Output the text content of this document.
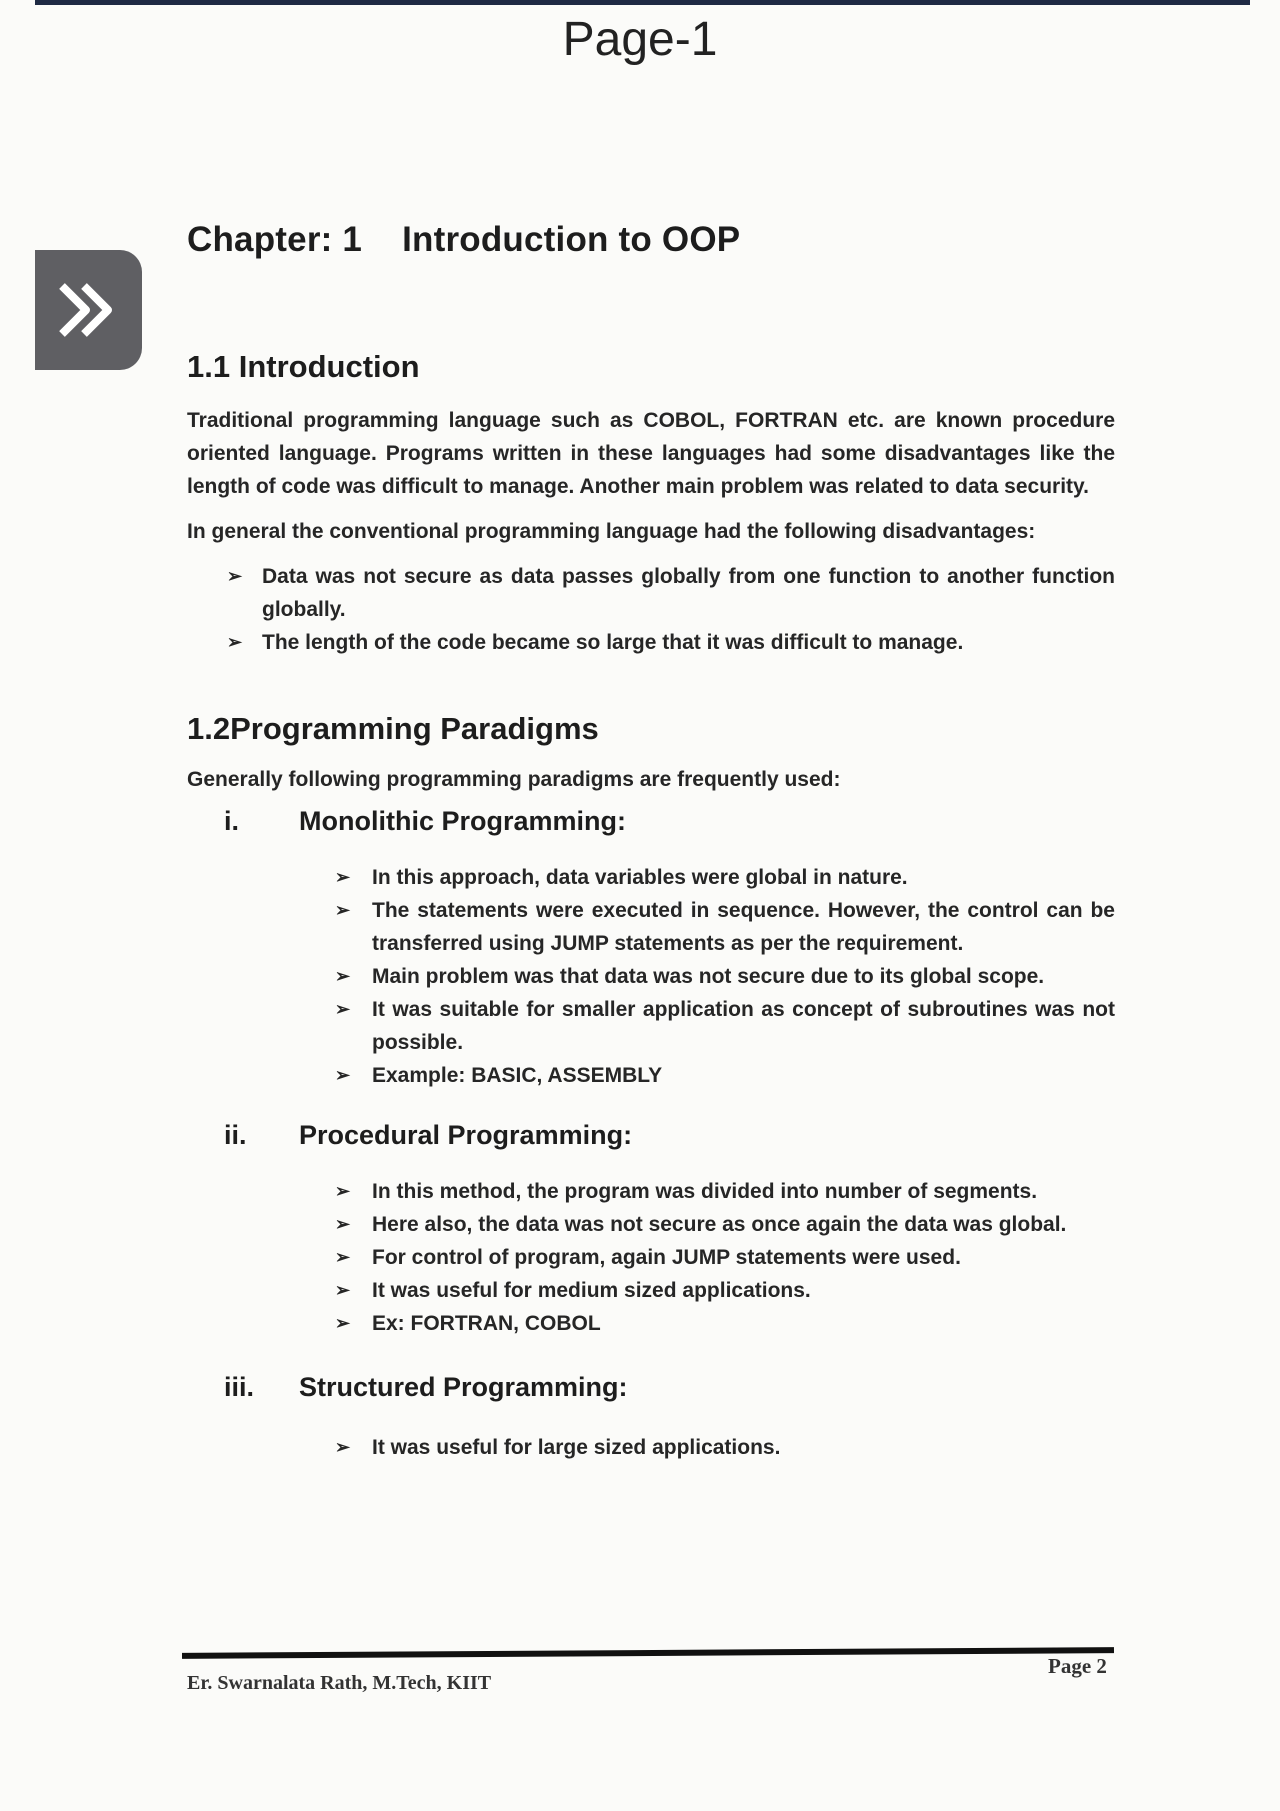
Page-1
Chapter: 1 Introduction to OOP
1.1 Introduction

Traditional programming language such as COBOL, FORTRAN etc. are known procedure oriented language. Programs written in these languages had some disadvantages like the length of code was difficult to manage. Another main problem was related to data security.

In general the conventional programming language had the following disadvantages:

➢ Data was not secure as data passes globally from one function to another function globally.
➢ The length of the code became so large that it was difficult to manage.
1.2Programming Paradigms

Generally following programming paradigms are frequently used:

i.	Monolithic Programming:
➢ In this approach, data variables were global in nature.
➢ The statements were executed in sequence. However, the control can be transferred using JUMP statements as per the requirement.
➢ Main problem was that data was not secure due to its global scope.
➢ It was suitable for smaller application as concept of subroutines was not possible.
➢ Example: BASIC, ASSEMBLY
ii.	Procedural Programming:
➢ In this method, the program was divided into number of segments.
➢ Here also, the data was not secure as once again the data was global.
➢ For control of program, again JUMP statements were used.
➢ It was useful for medium sized applications.
➢ Ex: FORTRAN, COBOL
iii.	Structured Programming:
➢ It was useful for large sized applications.
Er. Swarnalata Rath, M.Tech, KIIT
Page 2
